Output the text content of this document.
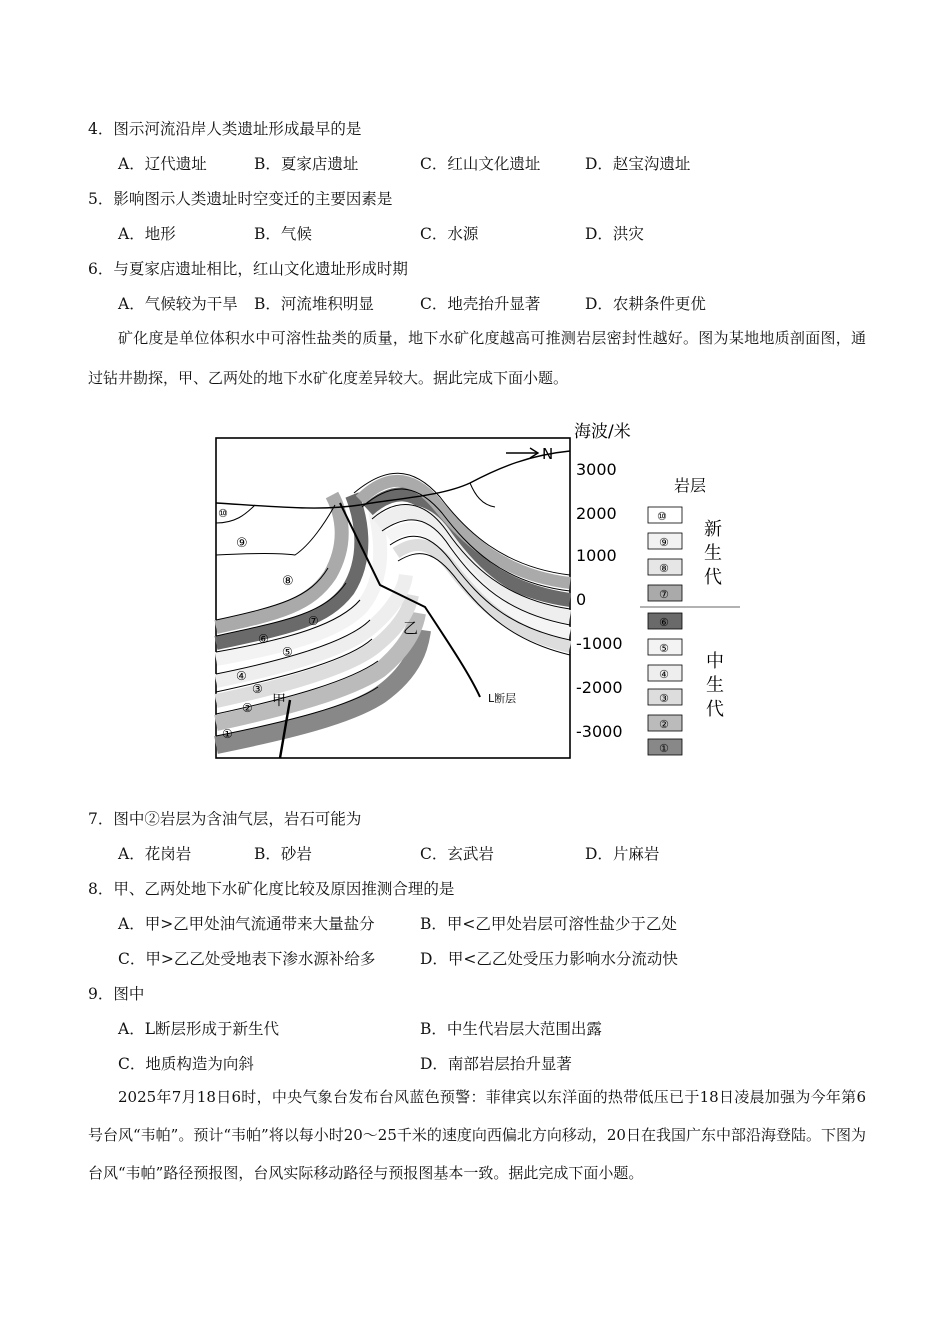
4．图示河流沿岸人类遗址形成最早的是
A．辽代遗址	B．夏家店遗址	C．红山文化遗址	D．赵宝沟遗址
5．影响图示人类遗址时空变迁的主要因素是
A．地形	B．气候	C．水源	D．洪灾
6．与夏家店遗址相比，红山文化遗址形成时期
A．气候较为干旱 B．河流堆积明显	C．地壳抬升显著	D．农耕条件更优
矿化度是单位体积水中可溶性盐类的质量，地下水矿化度越高可推测岩层密封性越好。图为某地地质剖面图，通过钻井勘探，甲、乙两处的地下水矿化度差异较大。据此完成下面小题。
N
⑩
⑨
⑧
⑦
⑥
⑤
④
③
②
①
甲
乙
L断层
海波/米
3000
2000
1000
0
-1000
-2000
-3000
岩层
⑩
⑨
⑧
⑦
⑥
⑤
④
③
②
①
新 生 代
中 生 代
7．图中②岩层为含油气层，岩石可能为
A．花岗岩	B．砂岩	C．玄武岩	D．片麻岩
8．甲、乙两处地下水矿化度比较及原因推测合理的是
A．甲>乙甲处油气流通带来大量盐分	B．甲<乙甲处岩层可溶性盐少于乙处
C．甲>乙乙处受地表下渗水源补给多	D．甲<乙乙处受压力影响水分流动快
9．图中
A．L断层形成于新生代	B．中生代岩层大范围出露
C．地质构造为向斜	D．南部岩层抬升显著
2025年7月18日6时，中央气象台发布台风蓝色预警：菲律宾以东洋面的热带低压已于18日凌晨加强为今年第6号台风“韦帕”。预计“韦帕”将以每小时20～25千米的速度向西偏北方向移动，20日在我国广东中部沿海登陆。下图为台风“韦帕”路径预报图，台风实际移动路径与预报图基本一致。据此完成下面小题。
